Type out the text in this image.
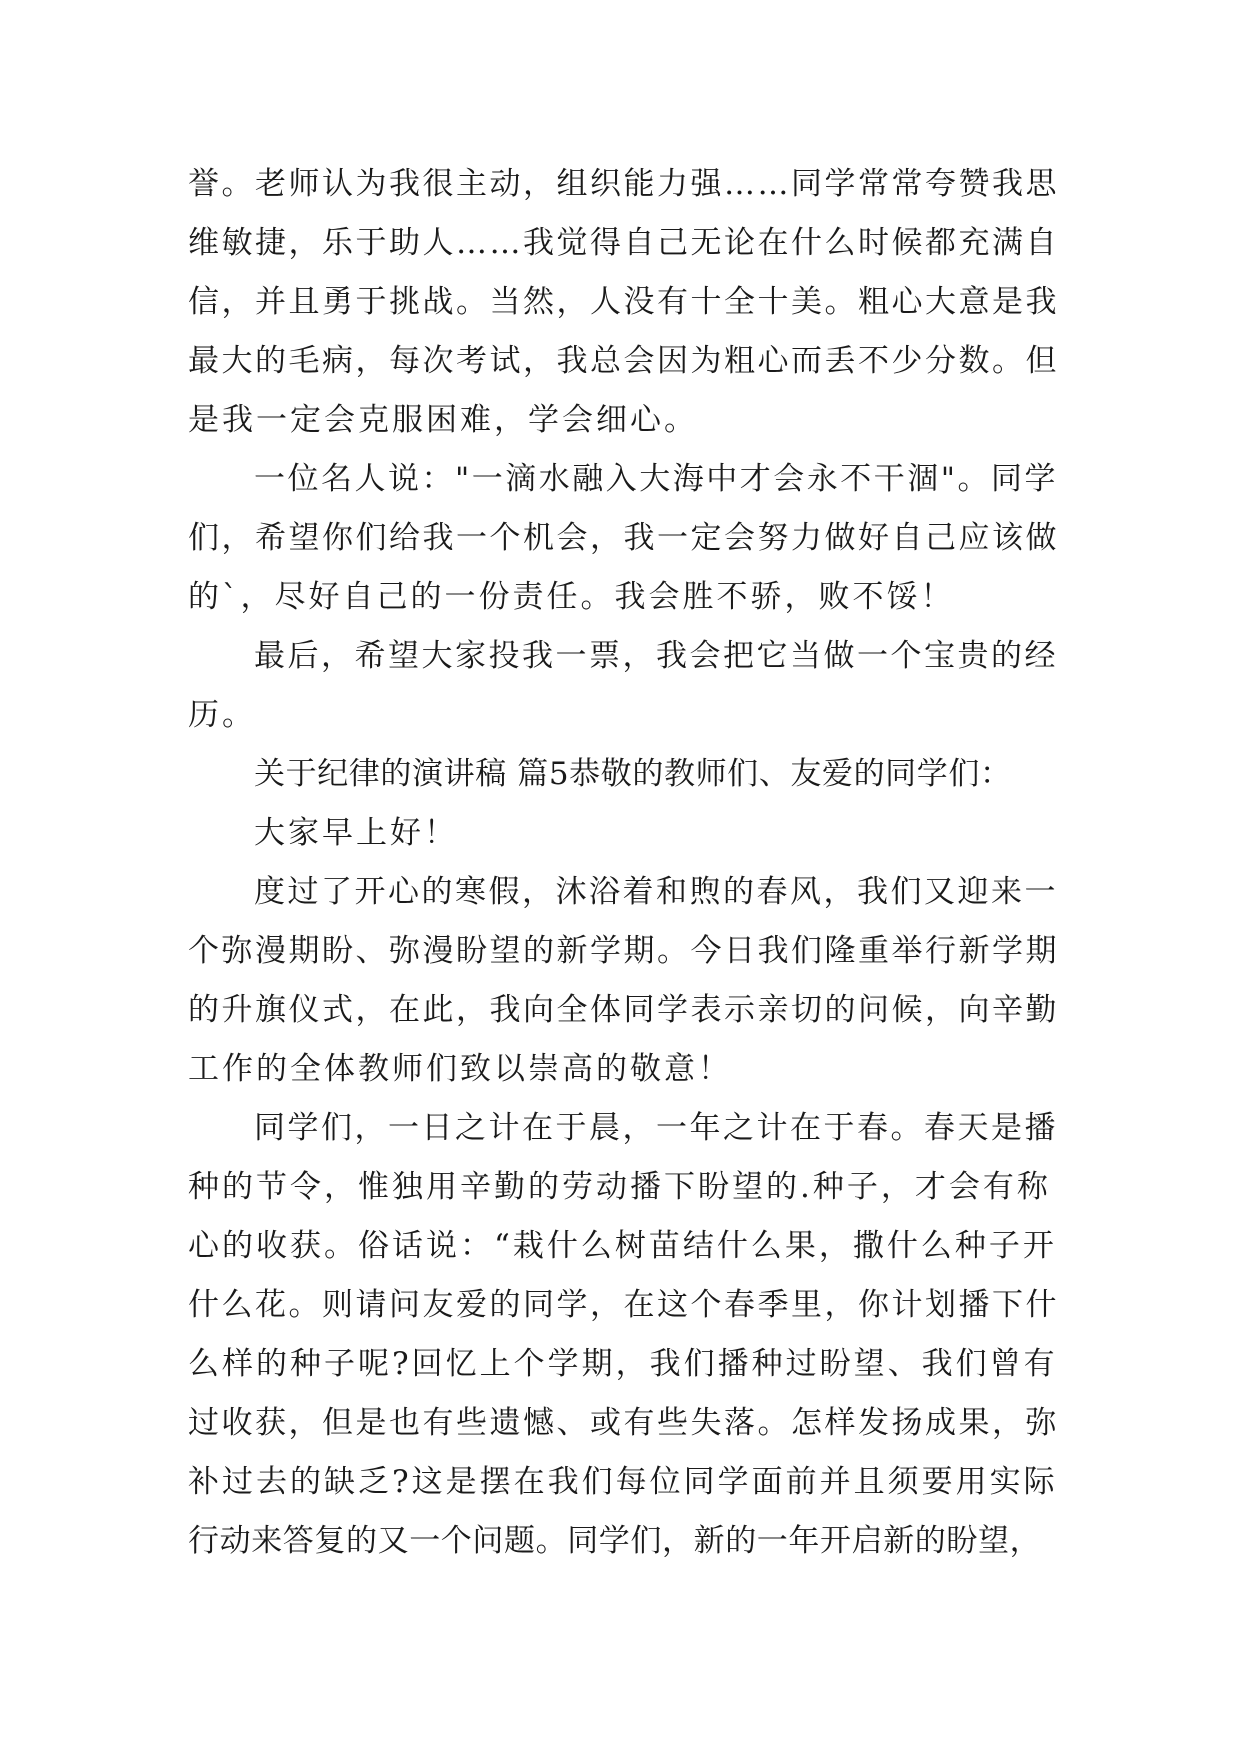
誉。老师认为我很主动，组织能力强……同学常常夸赞我思
维敏捷，乐于助人……我觉得自己无论在什么时候都充满自
信，并且勇于挑战。当然，人没有十全十美。粗心大意是我
最大的毛病，每次考试，我总会因为粗心而丢不少分数。但
是我一定会克服困难，学会细心。
一位名人说："一滴水融入大海中才会永不干涸"。同学
们，希望你们给我一个机会，我一定会努力做好自己应该做
的`，尽好自己的一份责任。我会胜不骄，败不馁！
最后，希望大家投我一票，我会把它当做一个宝贵的经
历。
关于纪律的演讲稿 篇5恭敬的教师们、友爱的同学们：
大家早上好！
度过了开心的寒假，沐浴着和煦的春风，我们又迎来一
个弥漫期盼、弥漫盼望的新学期。今日我们隆重举行新学期
的升旗仪式，在此，我向全体同学表示亲切的问候，向辛勤
工作的全体教师们致以崇高的敬意！
同学们，一日之计在于晨，一年之计在于春。春天是播
种的节令，惟独用辛勤的劳动播下盼望的.种子，才会有称
心的收获。俗话说：“栽什么树苗结什么果，撒什么种子开
什么花。则请问友爱的同学，在这个春季里，你计划播下什
么样的种子呢?回忆上个学期，我们播种过盼望、我们曾有
过收获，但是也有些遗憾、或有些失落。怎样发扬成果，弥
补过去的缺乏?这是摆在我们每位同学面前并且须要用实际
行动来答复的又一个问题。同学们，新的一年开启新的盼望，
